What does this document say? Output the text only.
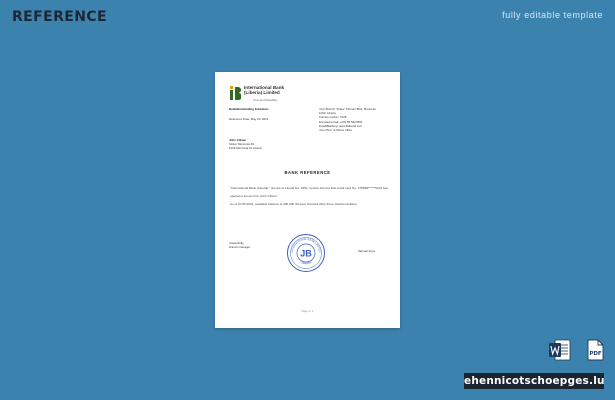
REFERENCE	fully editable template
International Bank
(Liberia) Limited
Trust and Reliability
Bank/Outstanding Indication
Reference Date: May 20, 2021
Your Branch: Sinkor Tubman Blvd, Monrovia
1000, Liberia
Transit number: 3728
Encoded email: +231 55 5627890
Email/Banking: www.ibliberia.com
Your Plan: ul.Sinkor office
John Citizen
Sinkor Monrovia 33,
1000 Monrovia 10 Liberia
BANK REFERENCE
"International Bank (Liberia)", license of Liberia No. 2451, hereby informs that credit card No. 478689******6222 has opened a account for John Citizen.
As of 20.05.2021, available balance is 300,000 Ibd (two hundred thirty three Liberian dollars).
respectfully,
branch manager
Samuel Koye
INTERNATIONAL BANK LIMITED
LIBERIA
JB
Page 1 / 1
PDF
ehennicotschoepges.lu
